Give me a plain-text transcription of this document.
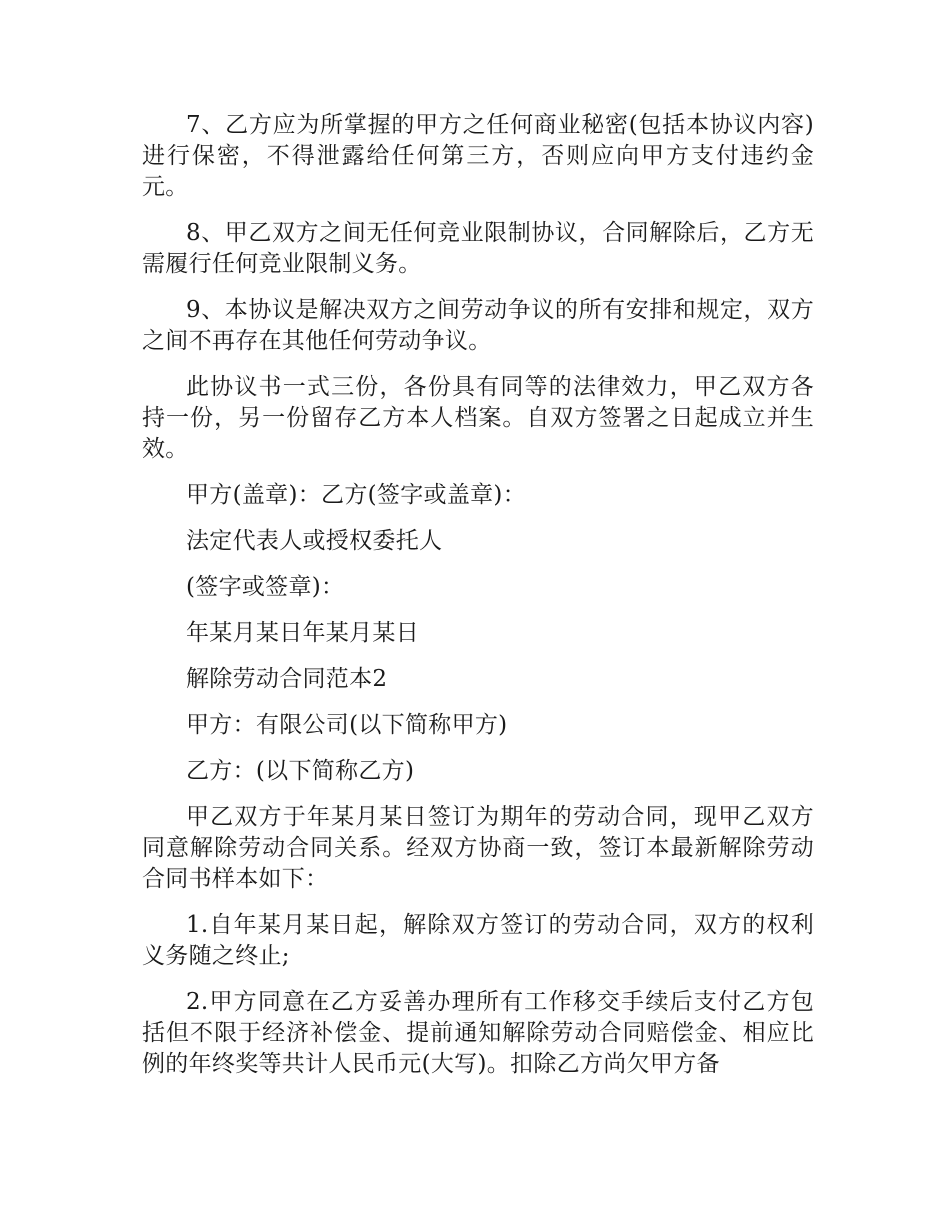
7、乙方应为所掌握的甲方之任何商业秘密(包括本协议内容)进行保密，不得泄露给任何第三方，否则应向甲方支付违约金元。

8、甲乙双方之间无任何竞业限制协议，合同解除后，乙方无需履行任何竞业限制义务。

9、本协议是解决双方之间劳动争议的所有安排和规定，双方之间不再存在其他任何劳动争议。

此协议书一式三份，各份具有同等的法律效力，甲乙双方各持一份，另一份留存乙方本人档案。自双方签署之日起成立并生效。

甲方(盖章)：乙方(签字或盖章)：

法定代表人或授权委托人

(签字或签章)：

年某月某日年某月某日

解除劳动合同范本2

甲方：有限公司(以下简称甲方)

乙方：(以下简称乙方)

甲乙双方于年某月某日签订为期年的劳动合同，现甲乙双方同意解除劳动合同关系。经双方协商一致，签订本最新解除劳动合同书样本如下：

1.自年某月某日起，解除双方签订的劳动合同，双方的权利义务随之终止;

2.甲方同意在乙方妥善办理所有工作移交手续后支付乙方包括但不限于经济补偿金、提前通知解除劳动合同赔偿金、相应比例的年终奖等共计人民币元(大写)。扣除乙方尚欠甲方备
